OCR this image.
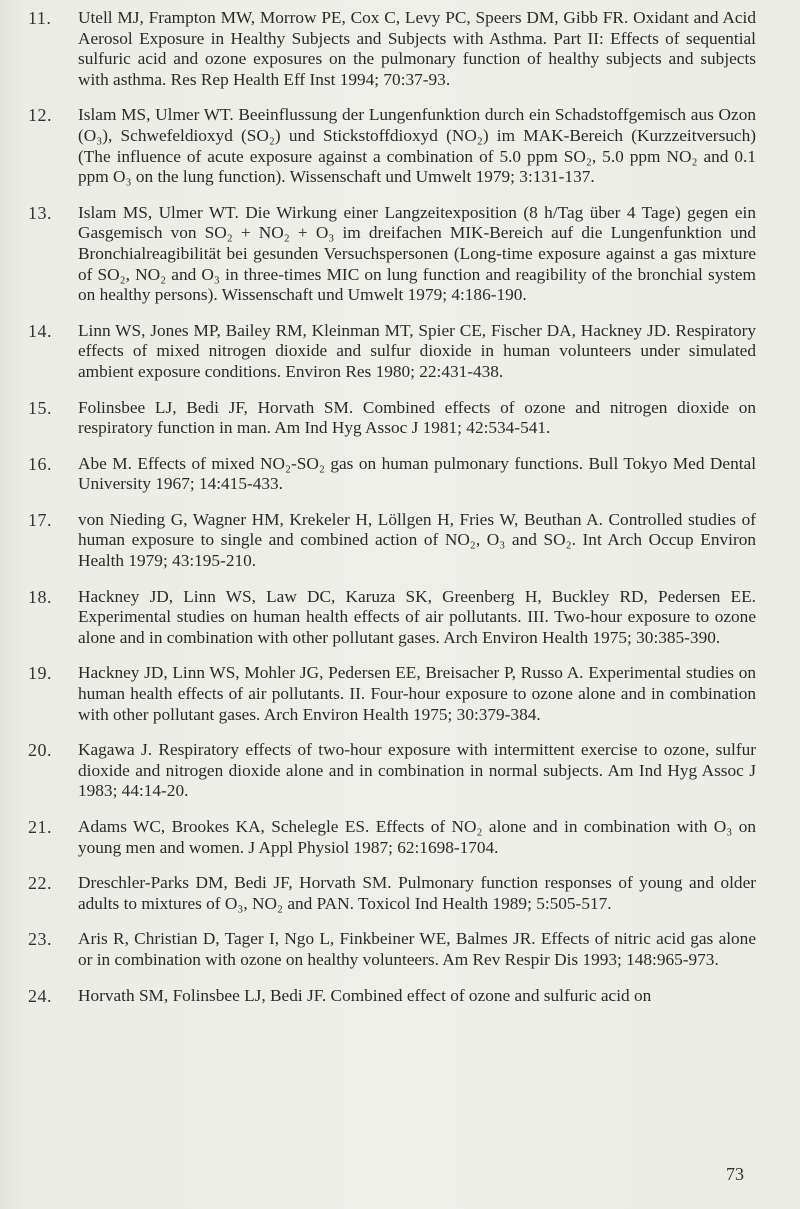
11.	Utell MJ, Frampton MW, Morrow PE, Cox C, Levy PC, Speers DM, Gibb FR. Oxidant and Acid Aerosol Exposure in Healthy Subjects and Subjects with Asthma. Part II: Effects of sequential sulfuric acid and ozone exposures on the pulmonary function of healthy subjects and subjects with asthma. Res Rep Health Eff Inst 1994; 70:37-93.
12.	Islam MS, Ulmer WT. Beeinflussung der Lungenfunktion durch ein Schadstoffgemisch aus Ozon (O₃), Schwefeldioxyd (SO₂) und Stickstoffdioxyd (NO₂) im MAK-Bereich (Kurzzeitversuch) (The influence of acute exposure against a combination of 5.0 ppm SO₂, 5.0 ppm NO₂ and 0.1 ppm O₃ on the lung function). Wissenschaft und Umwelt 1979; 3:131-137.
13.	Islam MS, Ulmer WT. Die Wirkung einer Langzeitexposition (8 h/Tag über 4 Tage) gegen ein Gasgemisch von SO₂ + NO₂ + O₃ im dreifachen MIK-Bereich auf die Lungenfunktion und Bronchialreagibilität bei gesunden Versuchspersonen (Long-time exposure against a gas mixture of SO₂, NO₂ and O₃ in three-times MIC on lung function and reagibility of the bronchial system on healthy persons). Wissenschaft und Umwelt 1979; 4:186-190.
14.	Linn WS, Jones MP, Bailey RM, Kleinman MT, Spier CE, Fischer DA, Hackney JD. Respiratory effects of mixed nitrogen dioxide and sulfur dioxide in human volunteers under simulated ambient exposure conditions. Environ Res 1980; 22:431-438.
15.	Folinsbee LJ, Bedi JF, Horvath SM. Combined effects of ozone and nitrogen dioxide on respiratory function in man. Am Ind Hyg Assoc J 1981; 42:534-541.
16.	Abe M. Effects of mixed NO₂-SO₂ gas on human pulmonary functions. Bull Tokyo Med Dental University 1967; 14:415-433.
17.	von Nieding G, Wagner HM, Krekeler H, Löllgen H, Fries W, Beuthan A. Controlled studies of human exposure to single and combined action of NO₂, O₃ and SO₂. Int Arch Occup Environ Health 1979; 43:195-210.
18.	Hackney JD, Linn WS, Law DC, Karuza SK, Greenberg H, Buckley RD, Pedersen EE. Experimental studies on human health effects of air pollutants. III. Two-hour exposure to ozone alone and in combination with other pollutant gases. Arch Environ Health 1975; 30:385-390.
19.	Hackney JD, Linn WS, Mohler JG, Pedersen EE, Breisacher P, Russo A. Experimental studies on human health effects of air pollutants. II. Four-hour exposure to ozone alone and in combination with other pollutant gases. Arch Environ Health 1975; 30:379-384.
20.	Kagawa J. Respiratory effects of two-hour exposure with intermittent exercise to ozone, sulfur dioxide and nitrogen dioxide alone and in combination in normal subjects. Am Ind Hyg Assoc J 1983; 44:14-20.
21.	Adams WC, Brookes KA, Schelegle ES. Effects of NO₂ alone and in combination with O₃ on young men and women. J Appl Physiol 1987; 62:1698-1704.
22.	Dreschler-Parks DM, Bedi JF, Horvath SM. Pulmonary function responses of young and older adults to mixtures of O₃, NO₂ and PAN. Toxicol Ind Health 1989; 5:505-517.
23.	Aris R, Christian D, Tager I, Ngo L, Finkbeiner WE, Balmes JR. Effects of nitric acid gas alone or in combination with ozone on healthy volunteers. Am Rev Respir Dis 1993; 148:965-973.
24.	Horvath SM, Folinsbee LJ, Bedi JF. Combined effect of ozone and sulfuric acid on
73
